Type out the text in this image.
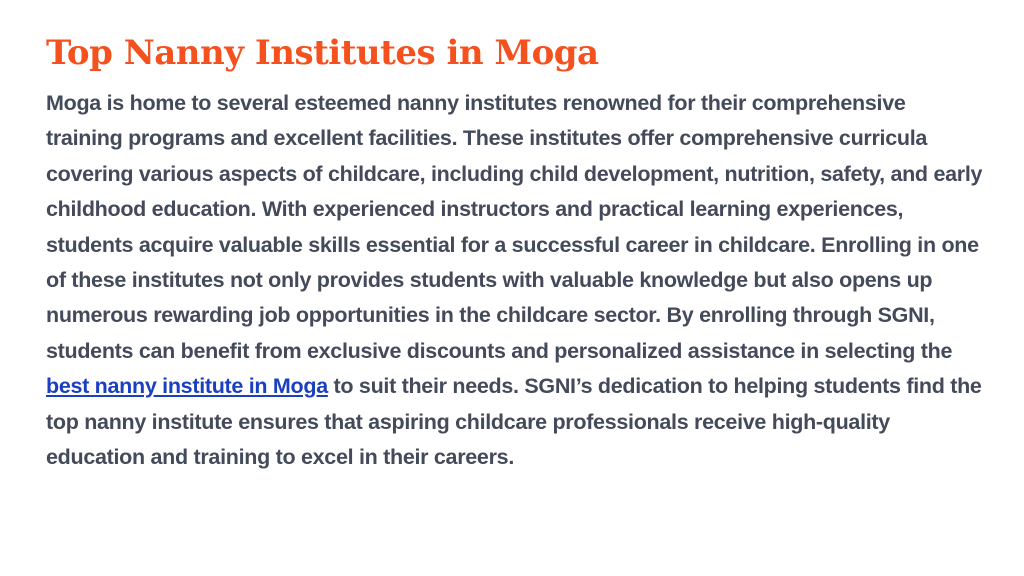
Top Nanny Institutes in Moga

Moga is home to several esteemed nanny institutes renowned for their comprehensive training programs and excellent facilities. These institutes offer comprehensive curricula covering various aspects of childcare, including child development, nutrition, safety, and early childhood education. With experienced instructors and practical learning experiences, students acquire valuable skills essential for a successful career in childcare. Enrolling in one of these institutes not only provides students with valuable knowledge but also opens up numerous rewarding job opportunities in the childcare sector. By enrolling through SGNI, students can benefit from exclusive discounts and personalized assistance in selecting the best nanny institute in Moga to suit their needs. SGNI’s dedication to helping students find the top nanny institute ensures that aspiring childcare professionals receive high-quality education and training to excel in their careers.
